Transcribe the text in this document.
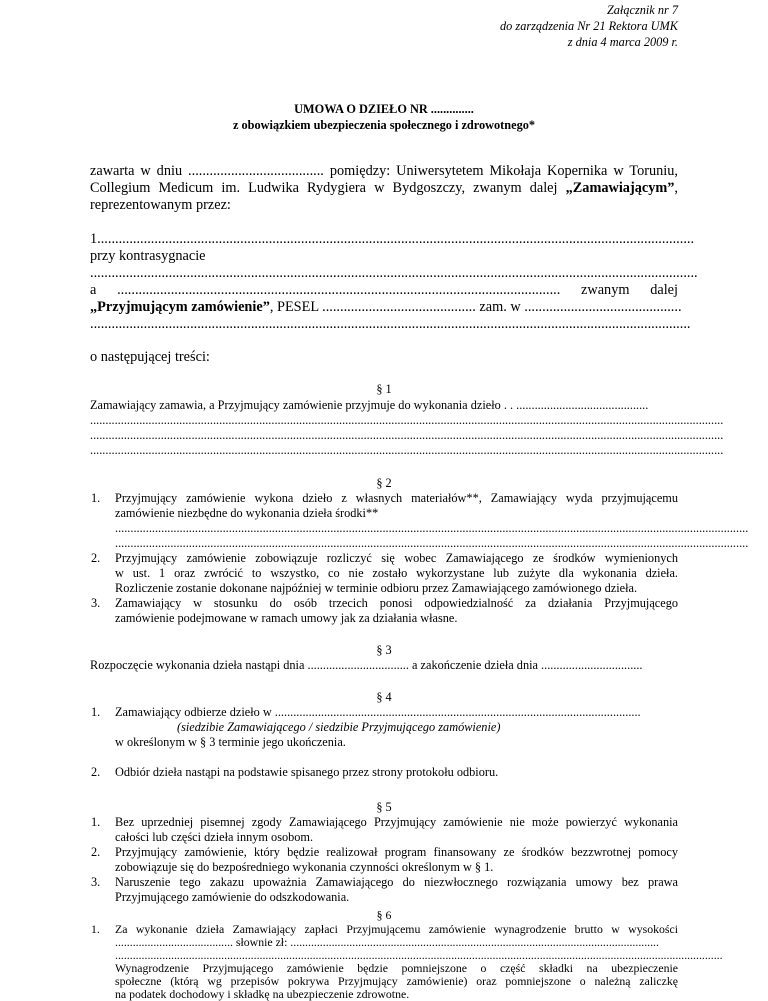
Załącznik nr 7
do zarządzenia Nr 21 Rektora UMK
z dnia 4 marca 2009 r.
UMOWA O DZIEŁO NR ..............
z obowiązkiem ubezpieczenia społecznego i zdrowotnego*
zawarta w dniu ...................................... pomiędzy: Uniwersytetem Mikołaja Kopernika w Toruniu,
Collegium Medicum im. Ludwika Rydygiera w Bydgoszczy, zwanym dalej „Zamawiającym”,
reprezentowanym przez:
1.......................................................................................................................................................................
przy kontrasygnacie
..........................................................................................................................................................................
a ............................................................................................................................ zwanym dalej
„Przyjmującym zamówienie”, PESEL ........................................... zam. w ............................................
........................................................................................................................................................................
o następującej treści:
§ 1
Zamawiający zamawia, a Przyjmujący zamówienie przyjmuje do wykonania dzieło . . ...........................................
..............................................................................................................................................................................................................
..............................................................................................................................................................................................................
..............................................................................................................................................................................................................
§ 2
1. Przyjmujący zamówienie wykona dzieło z własnych materiałów**, Zamawiający wyda przyjmującemu
zamówienie niezbędne do wykonania dzieła środki**
..............................................................................................................................................................................................................
..............................................................................................................................................................................................................
2. Przyjmujący zamówienie zobowiązuje rozliczyć się wobec Zamawiającego ze środków wymienionych
w ust. 1 oraz zwrócić to wszystko, co nie zostało wykorzystane lub zużyte dla wykonania dzieła.
Rozliczenie zostanie dokonane najpóźniej w terminie odbioru przez Zamawiającego zamówionego dzieła.
3. Zamawiający w stosunku do osób trzecich ponosi odpowiedzialność za działania Przyjmującego
zamówienie podejmowane w ramach umowy jak za działania własne.
§ 3
Rozpoczęcie wykonania dzieła nastąpi dnia ................................. a zakończenie dzieła dnia .................................
§ 4
1. Zamawiający odbierze dzieło w .......................................................................................................................
(siedzibie Zamawiającego / siedzibie Przyjmującego zamówienie)
w określonym w § 3 terminie jego ukończenia.
2. Odbiór dzieła nastąpi na podstawie spisanego przez strony protokołu odbioru.
§ 5
1. Bez uprzedniej pisemnej zgody Zamawiającego Przyjmujący zamówienie nie może powierzyć wykonania
całości lub części dzieła innym osobom.
2. Przyjmujący zamówienie, który będzie realizował program finansowany ze środków bezzwrotnej pomocy
zobowiązuje się do bezpośredniego wykonania czynności określonym w § 1.
3. Naruszenie tego zakazu upoważnia Zamawiającego do niezwłocznego rozwiązania umowy bez prawa
Przyjmującego zamówienie do odszkodowania.
§ 6
1. Za wykonanie dzieła Zamawiający zapłaci Przyjmującemu zamówienie wynagrodzenie brutto w wysokości
........................................ słownie zł: .............................................................................................................................
..............................................................................................................................................................................................................
Wynagrodzenie Przyjmującego zamówienie będzie pomniejszone o część składki na ubezpieczenie
społeczne (którą wg przepisów pokrywa Przyjmujący zamówienie) oraz pomniejszone o należną zaliczkę
na podatek dochodowy i składkę na ubezpieczenie zdrowotne.
